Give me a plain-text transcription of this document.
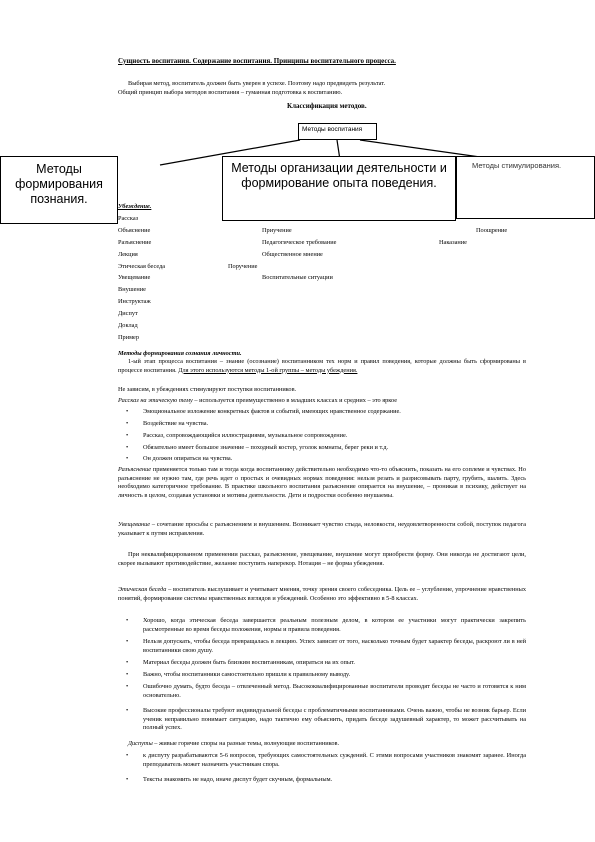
Сущность воспитания. Содержание воспитания. Принципы воспитательного процесса.
Выбирая метод, воспитатель должен быть уверен в успехе. Поэтому надо предвидеть результат.
Общий принцип выбора методов воспитания – гуманная подготовка к воспитанию.
Классификация методов.
Методы воспитания
Методы формирования познания.
Методы организации деятельности и формирование опыта поведения.
Методы стимулирования.
Убеждение.
Рассказ
Объяснение
Разъяснение
Лекция
Этическая беседа
Увещевание
Внушение
Инструктаж
Диспут
Доклад
Пример
Приучение
Педагогическое требование
Общественное мнение
Поручение
Воспитательные ситуации
Поощрение
Наказание
Методы формирования сознания личности.
1-ый этап процесса воспитания – знание (осознание) воспитанником тех норм и правил поведения, которые должны быть сформированы в процессе воспитания. Для этого используются методы 1-ой группы – методы убеждения.
Не зависим, в убеждениях стимулируют поступки воспитанников.
Рассказ на этическую тему – используется преимущественно в младших классах и средних – это яркое
• Эмоциональное изложение конкретных фактов и событий, имеющих нравственное содержание.
• Воздействие на чувства.
• Рассказ, сопровождающийся иллюстрациями, музыкальное сопровождение.
• Обязательно имеет большое значение – походный костер, уголок комнаты, берег реки и т.д.
• Он должен опираться на чувства.
Разъяснение применяется только там и тогда когда воспитаннику действительно необходимо что-то объяснить, показать на его соплеме и чувствах. Но разъяснение не нужно там, где речь идет о простых и очевидных нормах поведения: нельзя резать и разрисовывать парту, грубить, шалить. Здесь необходимо категоричное требование. В практике школьного воспитания разъяснение опирается на внушение, – проникая в психику, действует на личность в целом, создавая установки и мотивы деятельности. Дети и подростки особенно внушаемы.
Увещевание – сочетание просьбы с разъяснением и внушением. Возникает чувство стыда, неловкости, неудовлетворенности собой, поступок педагога указывает к путям исправления.
При неквалифицированном применении рассказ, разъяснение, увещевание, внушение могут приобрести форму. Они никогда не достигают цели, скорее вызывают противодействие, желание поступить наперекор. Нотация – не форма убеждения.
Этическая беседа – воспитатель выслушивает и учитывает мнения, точку зрения своего собеседника. Цель ее – углубление, упрочнение нравственных понятий, формирование системы нравственных взглядов и убеждений. Особенно это эффективно в 5-8 классах.
• Хорошо, когда этическая беседа завершается реальным полезным делом, в котором ее участники могут практически закрепить рассмотренные во время беседы положения, нормы и правила поведения.
• Нельзя допускать, чтобы беседа превращалась в лекцию. Успех зависит от того, насколько точным будет характер беседы, раскроют ли в ней воспитанники свою душу.
• Материал беседы должен быть близким воспитанникам, опираться на их опыт.
• Важно, чтобы воспитанники самостоятельно пришли к правильному выводу.
• Ошибочно думать, будто беседа – отвлеченный метод. Высококвалифицированные воспитатели проводят беседы не часто и готовятся к ним основательно.
• Высокие профессионалы требуют индивидуальной беседы с проблематичными воспитанниками. Очень важно, чтобы не возник барьер. Если ученик неправильно понимает ситуацию, надо тактично ему объяснить, придать беседе задушевный характер, то может рассчитывать на полный успех.
Диспуты – живые горячие споры на разные темы, волнующие воспитанников.
• к диспуту разрабатываются 5-6 вопросов, требующих самостоятельных суждений. С этими вопросами участников знакомят заранее. Иногда преподаватель может назначить участникам спора.
• Тексты знакомить не надо, иначе диспут будет скучным, формальным.
